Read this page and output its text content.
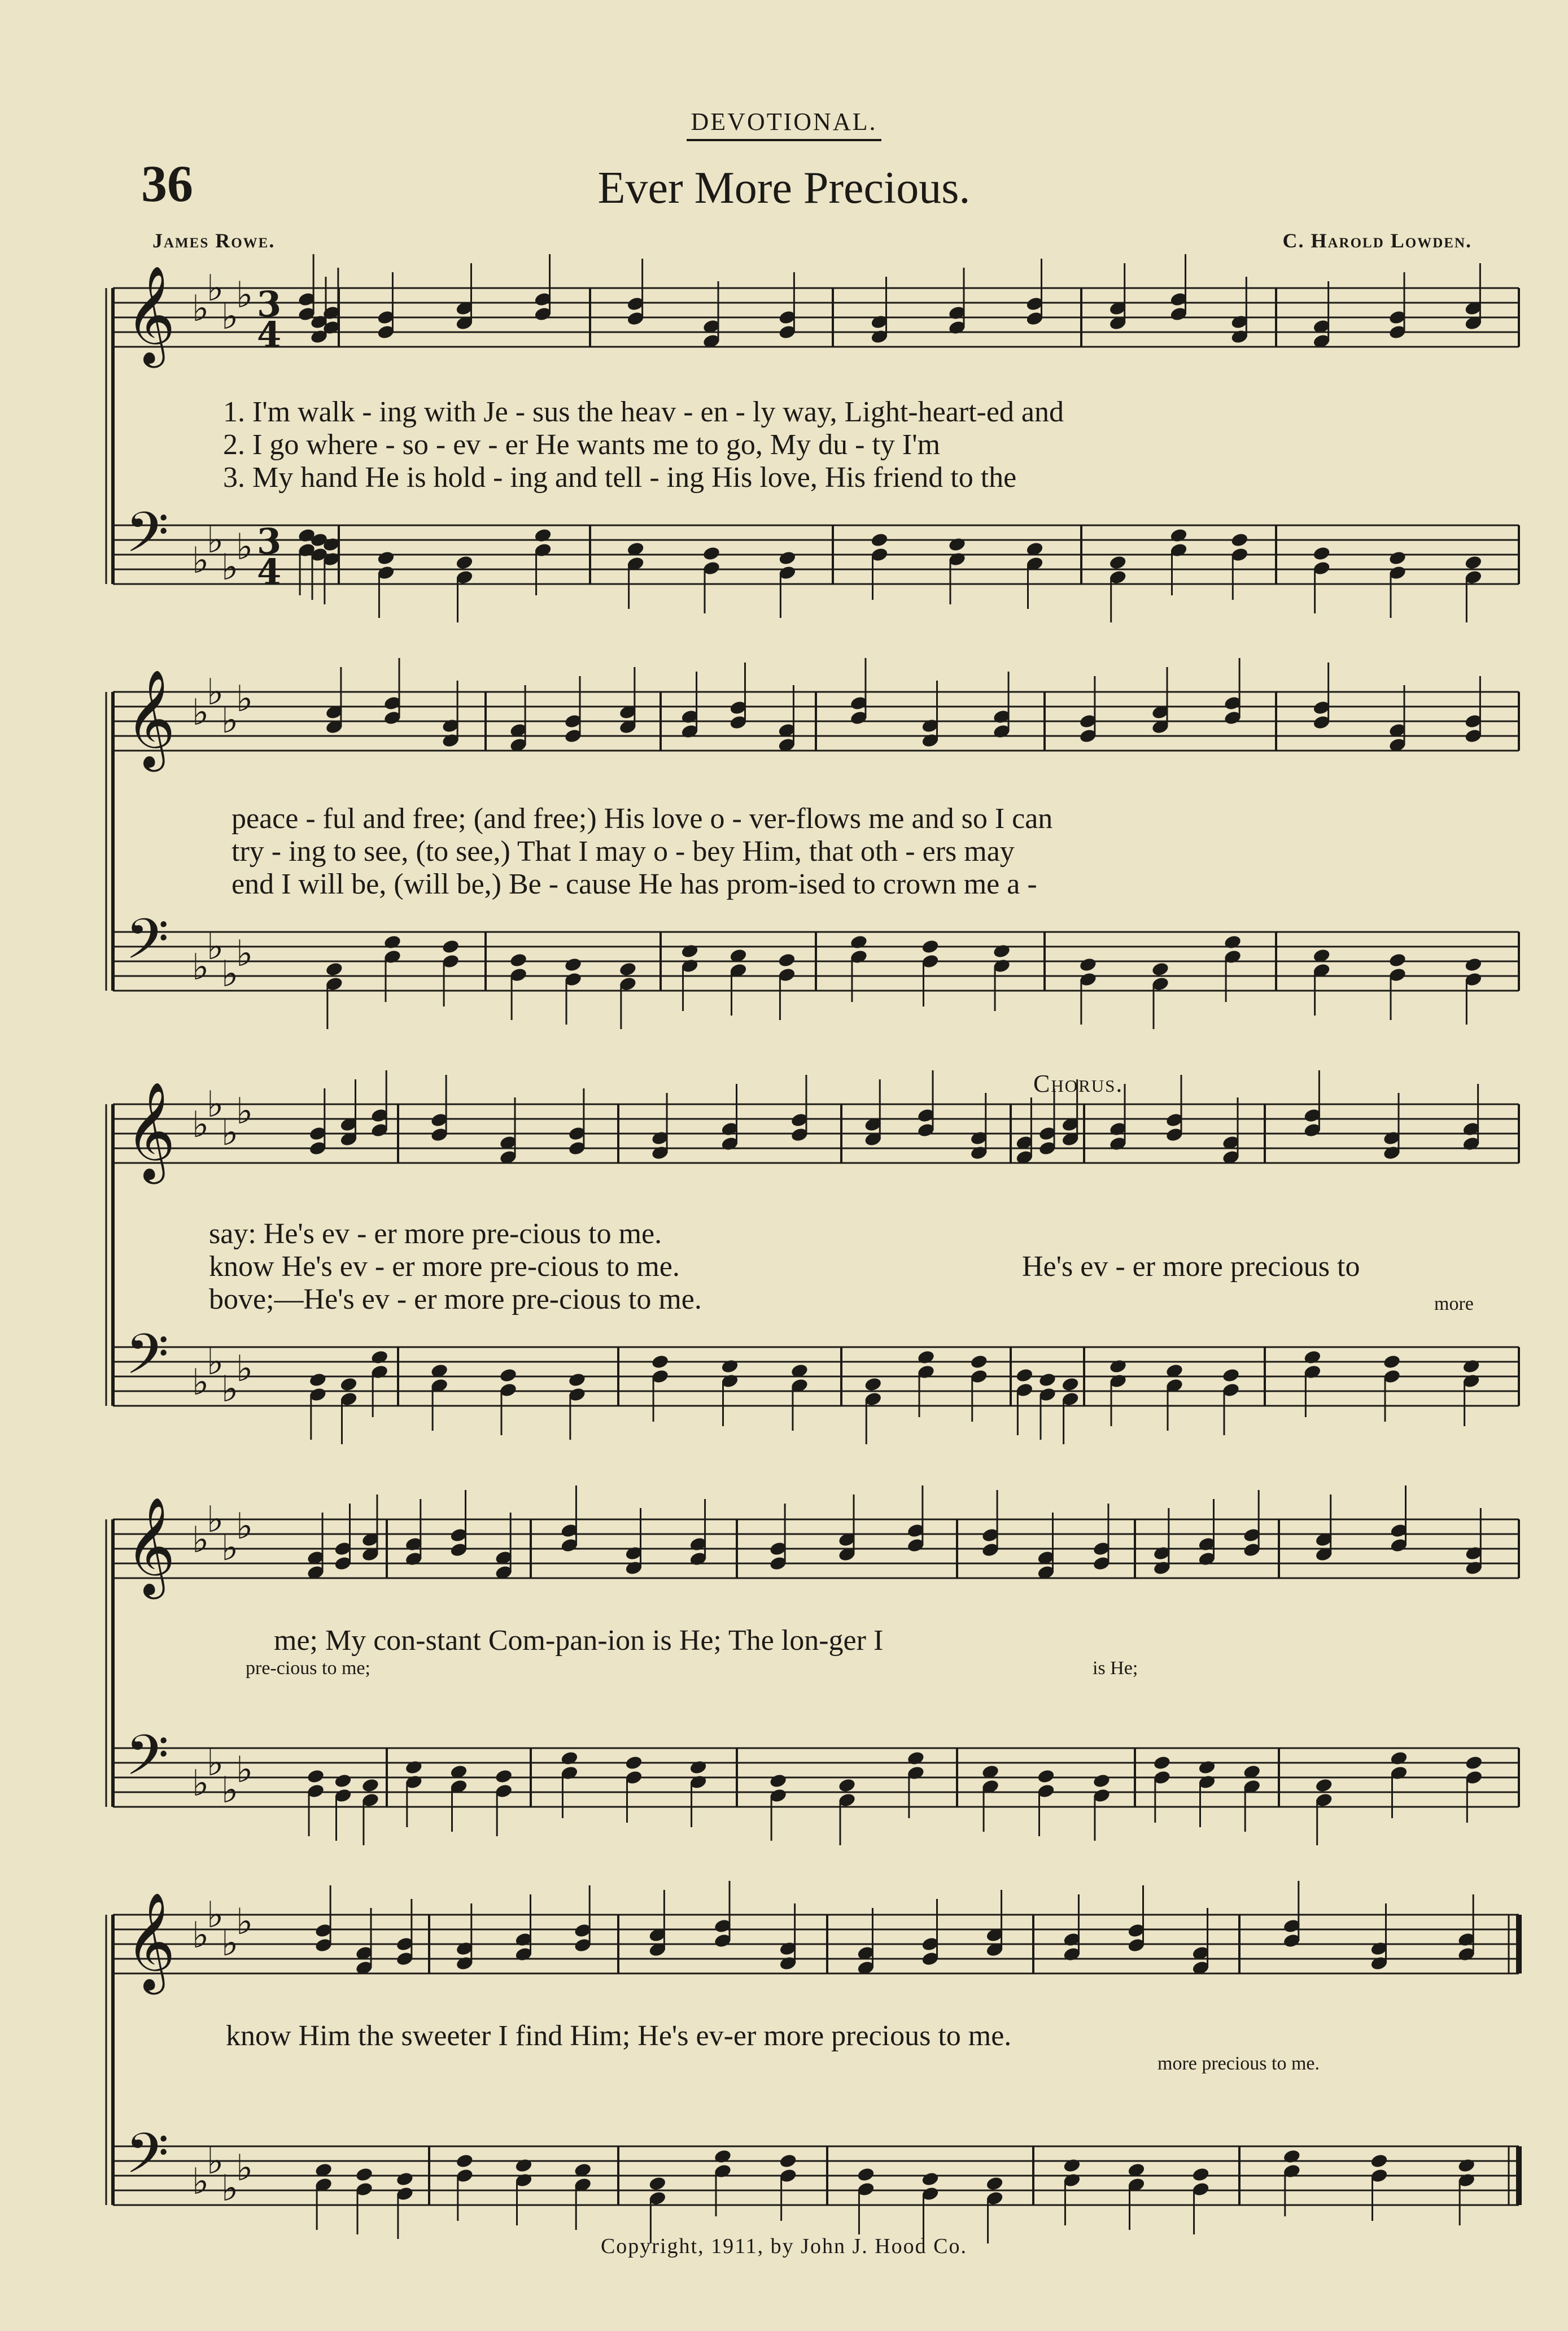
DEVOTIONAL.
36	Ever More Precious.
James Rowe.	C. Harold Lowden.
𝄞 ♭
♭
♭
♭ 3
4
𝄢 ♭
♭
♭
♭ 3
4
𝄞 ♭
♭
♭
♭
𝄢 ♭
♭
♭
♭
𝄞 ♭
♭
♭
♭
𝄢 ♭
♭
♭
♭
𝄞 ♭
♭
♭
♭
𝄢 ♭
♭
♭
♭
𝄞 ♭
♭
♭
♭
𝄢 ♭
♭
♭
♭
1. I'm walk - ing with Je - sus the heav - en - ly way, Light-heart-ed and
2. I go where - so - ev - er He wants me to go, My du - ty I'm
3. My hand He is hold - ing and tell - ing His love, His friend to the
peace - ful and free; (and free;) His love o - ver-flows me and so I can
try - ing to see, (to see,) That I may o - bey Him, that oth - ers may
end I will be, (will be,) Be - cause He has prom-ised to crown me a -
say: He's ev - er more pre-cious to me.
know He's ev - er more pre-cious to me.
bove;—He's ev - er more pre-cious to me.
He's ev - er more precious to
more
Chorus.
me; My con-stant Com-pan-ion is He; The lon-ger I
pre-cious to me;	is He;
know Him the sweeter I find Him; He's ev-er more precious to me.
more precious to me.
Copyright, 1911, by John J. Hood Co.
